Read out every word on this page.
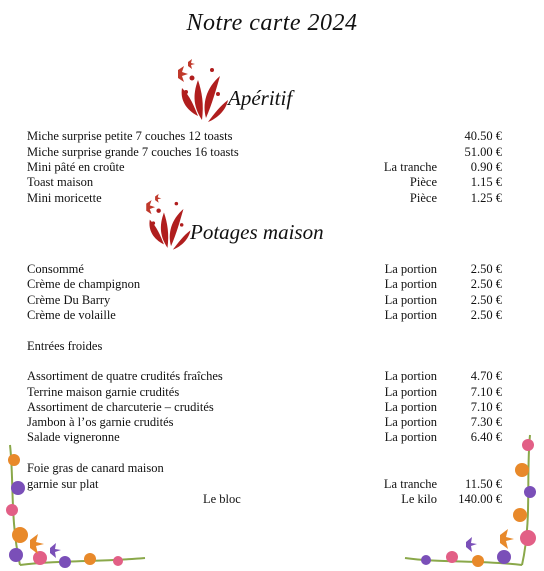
Notre carte 2024
Apéritif
Miche surprise petite 7 couches 12 toasts	40.50 €
Miche surprise grande 7 couches 16 toasts	51.00 €
Mini pâté en croûte	La tranche	0.90 €
Toast maison	Pièce	1.15 €
Mini moricette	Pièce	1.25 €
Potages maison
Consommé	La portion	2.50 €
Crème de champignon	La portion	2.50 €
Crème Du Barry	La portion	2.50 €
Crème de volaille	La portion	2.50 €
Entrées froides
Assortiment de quatre crudités fraîches	La portion	4.70 €
Terrine maison garnie crudités	La portion	7.10 €
Assortiment de charcuterie – crudités	La portion	7.10 €
Jambon à l’os garnie crudités	La portion	7.30 €
Salade vigneronne	La portion	6.40 €
Foie gras de canard maison
garnie sur plat	La tranche 11.50 €
Le bloc	Le kilo 140.00 €
